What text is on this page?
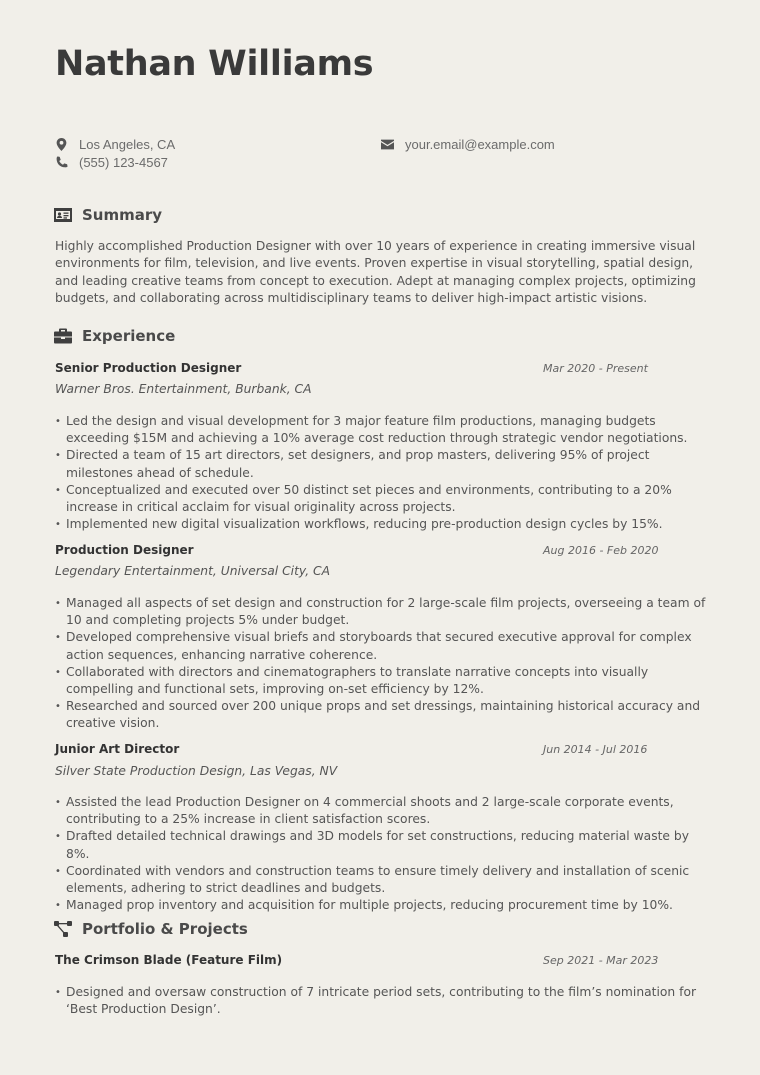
Nathan Williams
Los Angeles, CA
(555) 123-4567
your.email@example.com
Summary
Highly accomplished Production Designer with over 10 years of experience in creating immersive visual environments for film, television, and live events. Proven expertise in visual storytelling, spatial design, and leading creative teams from concept to execution. Adept at managing complex projects, optimizing budgets, and collaborating across multidisciplinary teams to deliver high-impact artistic visions.
Experience
Senior Production Designer	Mar 2020 - Present
Warner Bros. Entertainment, Burbank, CA
• Led the design and visual development for 3 major feature film productions, managing budgets exceeding $15M and achieving a 10% average cost reduction through strategic vendor negotiations.
• Directed a team of 15 art directors, set designers, and prop masters, delivering 95% of project milestones ahead of schedule.
• Conceptualized and executed over 50 distinct set pieces and environments, contributing to a 20% increase in critical acclaim for visual originality across projects.
• Implemented new digital visualization workflows, reducing pre-production design cycles by 15%.
Production Designer	Aug 2016 - Feb 2020
Legendary Entertainment, Universal City, CA
• Managed all aspects of set design and construction for 2 large-scale film projects, overseeing a team of 10 and completing projects 5% under budget.
• Developed comprehensive visual briefs and storyboards that secured executive approval for complex action sequences, enhancing narrative coherence.
• Collaborated with directors and cinematographers to translate narrative concepts into visually compelling and functional sets, improving on-set efficiency by 12%.
• Researched and sourced over 200 unique props and set dressings, maintaining historical accuracy and creative vision.
Junior Art Director	Jun 2014 - Jul 2016
Silver State Production Design, Las Vegas, NV
• Assisted the lead Production Designer on 4 commercial shoots and 2 large-scale corporate events, contributing to a 25% increase in client satisfaction scores.
• Drafted detailed technical drawings and 3D models for set constructions, reducing material waste by 8%.
• Coordinated with vendors and construction teams to ensure timely delivery and installation of scenic elements, adhering to strict deadlines and budgets.
• Managed prop inventory and acquisition for multiple projects, reducing procurement time by 10%.
Portfolio & Projects
The Crimson Blade (Feature Film)	Sep 2021 - Mar 2023
• Designed and oversaw construction of 7 intricate period sets, contributing to the film’s nomination for ‘Best Production Design’.
